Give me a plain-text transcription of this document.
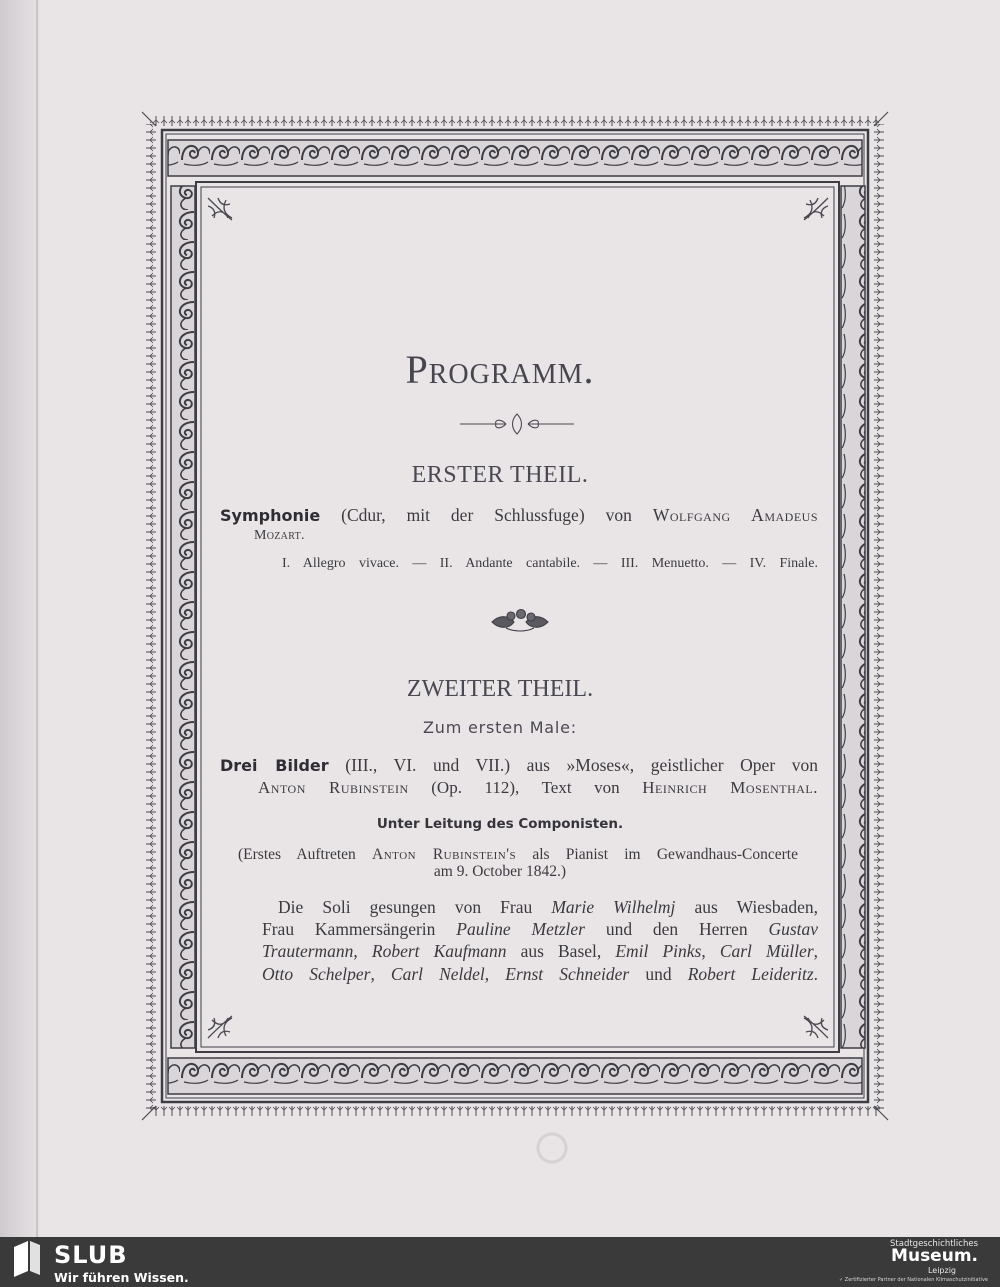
Programm.
ERSTER THEIL.
Symphonie (Cdur, mit der Schlussfuge) von Wolfgang Amadeus
Mozart.
I. Allegro vivace. — II. Andante cantabile. — III. Menuetto. — IV. Finale.
ZWEITER THEIL.
Zum ersten Male:
Drei Bilder (III., VI. und VII.) aus »Moses«, geistlicher Oper von
Anton Rubinstein (Op. 112), Text von Heinrich Mosenthal.
Unter Leitung des Componisten.
(Erstes Auftreten Anton Rubinstein's als Pianist im Gewandhaus-Concerte
am 9. October 1842.)
Die Soli gesungen von Frau Marie Wilhelmj aus Wiesbaden,
Frau Kammersängerin Pauline Metzler und den Herren Gustav
Trautermann, Robert Kaufmann aus Basel, Emil Pinks, Carl Müller,
Otto Schelper, Carl Neldel, Ernst Schneider und Robert Leideritz.
SLUB
Wir führen Wissen.
Stadtgeschichtliches
Museum.
Leipzig
✓ Zertifizierter Partner der Nationalen Klimaschutzinitiative
